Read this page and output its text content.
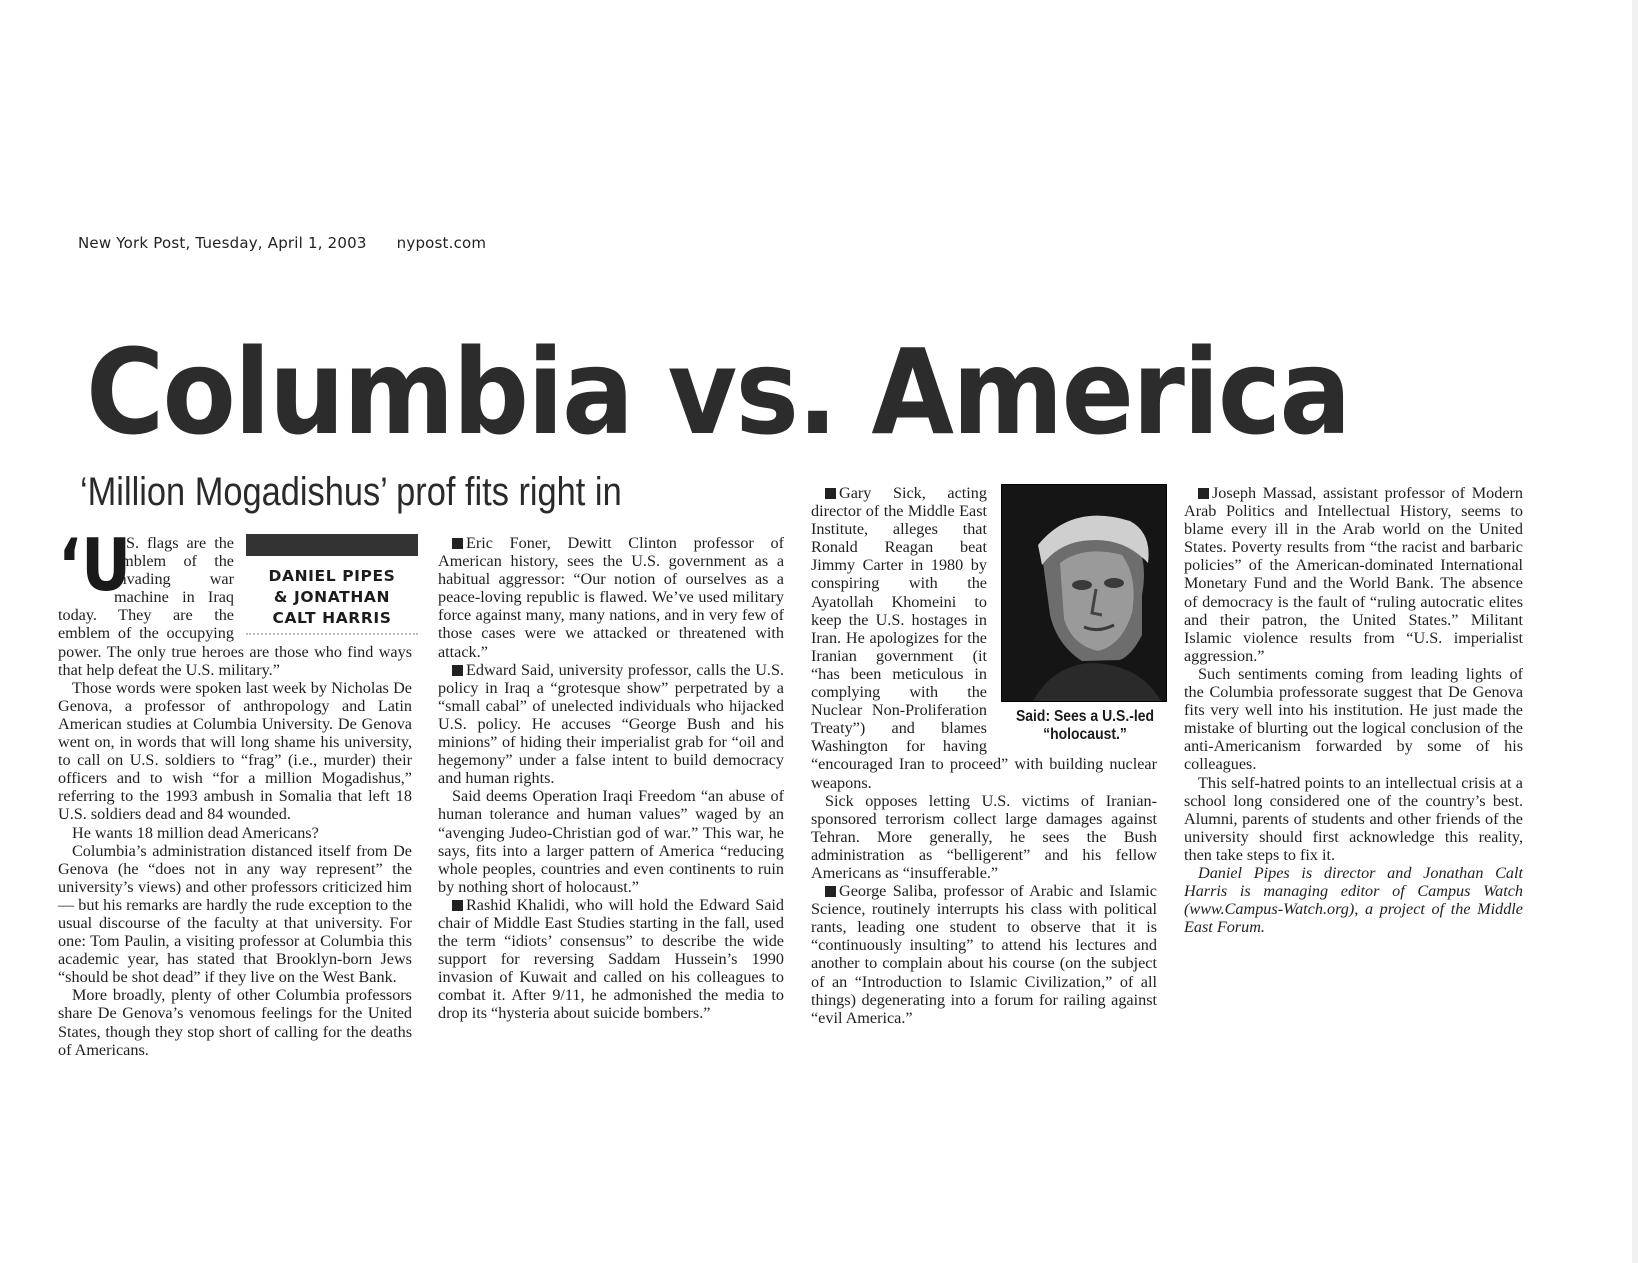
New York Post, Tuesday, April 1, 2003 nypost.com
Columbia vs. America
‘Million Mogadishus’ prof fits right in
DANIEL PIPES
& JONATHAN
CALT HARRIS

‘U
. S. flags are the emblem of the invading war machine in Iraq today. They are the emblem of the occupying power. The only true heroes are those who find ways that help defeat the U.S. military.”

Those words were spoken last week by Nicholas De Genova, a professor of anthropology and Latin American studies at Columbia University. De Genova went on, in words that will long shame his university, to call on U.S. soldiers to “frag” (i.e., murder) their officers and to wish “for a million Mogadishus,” referring to the 1993 ambush in Somalia that left 18 U.S. soldiers dead and 84 wounded.

He wants 18 million dead Americans?

Columbia’s administration distanced itself from De Genova (he “does not in any way represent” the university’s views) and other professors criticized him — but his remarks are hardly the rude exception to the usual discourse of the faculty at that university. For one: Tom Paulin, a visiting professor at Columbia this academic year, has stated that Brooklyn-born Jews “should be shot dead” if they live on the West Bank.

More broadly, plenty of other Columbia professors share De Genova’s venomous feelings for the United States, though they stop short of calling for the deaths of Americans.

Eric Foner, Dewitt Clinton professor of American history, sees the U.S. government as a habitual aggressor: “Our notion of ourselves as a peace-loving republic is flawed. We’ve used military force against many, many nations, and in very few of those cases were we attacked or threatened with attack.”

Edward Said, university professor, calls the U.S. policy in Iraq a “grotesque show” perpetrated by a “small cabal” of unelected individuals who hijacked U.S. policy. He accuses “George Bush and his minions” of hiding their imperialist grab for “oil and hegemony” under a false intent to build democracy and human rights.

Said deems Operation Iraqi Freedom “an abuse of human tolerance and human values” waged by an “avenging Judeo-Christian god of war.” This war, he says, fits into a larger pattern of America “reducing whole peoples, countries and even continents to ruin by nothing short of holocaust.”

Rashid Khalidi, who will hold the Edward Said chair of Middle East Studies starting in the fall, used the term “idiots’ consensus” to describe the wide support for reversing Saddam Hussein’s 1990 invasion of Kuwait and called on his colleagues to combat it. After 9/11, he admonished the media to drop its “hysteria about suicide bombers.”

Said: Sees a U.S.-led
“holocaust.”

Gary Sick, acting director of the Middle East Institute, alleges that Ronald Reagan beat Jimmy Carter in 1980 by conspiring with the Ayatollah Khomeini to keep the U.S. hostages in Iran. He apologizes for the Iranian government (it “has been meticulous in complying with the Nuclear Non-Proliferation Treaty”) and blames Washington for having “encouraged Iran to proceed” with building nuclear weapons.

Sick opposes letting U.S. victims of Iranian-sponsored terrorism collect large damages against Tehran. More generally, he sees the Bush administration as “belligerent” and his fellow Americans as “insufferable.”

George Saliba, professor of Arabic and Islamic Science, routinely interrupts his class with political rants, leading one student to observe that it is “continuously insulting” to attend his lectures and another to complain about his course (on the subject of an “Introduction to Islamic Civilization,” of all things) degenerating into a forum for railing against “evil America.”

Joseph Massad, assistant professor of Modern Arab Politics and Intellectual History, seems to blame every ill in the Arab world on the United States. Poverty results from “the racist and barbaric policies” of the American-dominated International Monetary Fund and the World Bank. The absence of democracy is the fault of “ruling autocratic elites and their patron, the United States.” Militant Islamic violence results from “U.S. imperialist aggression.”

Such sentiments coming from leading lights of the Columbia professorate suggest that De Genova fits very well into his institution. He just made the mistake of blurting out the logical conclusion of the anti-Americanism forwarded by some of his colleagues.

This self-hatred points to an intellectual crisis at a school long considered one of the country’s best. Alumni, parents of students and other friends of the university should first acknowledge this reality, then take steps to fix it.

Daniel Pipes is director and Jonathan Calt Harris is managing editor of Campus Watch (www.Campus-Watch.org), a project of the Middle East Forum.
